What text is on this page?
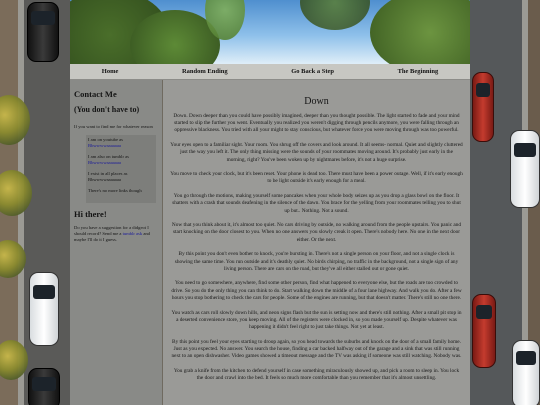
Home	Random Ending	Go Back a Step	The Beginning
Contact Me
(You don't have to)

If you want to find me for whatever reason

I am on youtube as
Bbwwwwaaaaaaa

I am also on tumblr as
Bbwwwwaaaaaaa

I exist in all places as
Bbwwwwaaaaaaa

There's no more links though

Hi there!

Do you have a suggestion for a didgeot I should record? Send me a tumblr ask and maybe I'll do it I guess.

Down

Down. Down deeper than you could have possibly imagined, deeper than you thought possible. The light started to fade and your mind started to slip the further you went. Eventually you realized you weren't digging through pencils anymore, you were falling through an oppressive blackness. You tried with all your might to stay conscious, but whatever force you were moving through was too powerful.

Your eyes open to a familiar sight. Your room. You shrug off the covers and look around. It all seems- normal. Quiet and slightly cluttered just the way you left it. The only thing missing were the sounds of your roommates moving around. It's probably just early in the morning, right? You've been woken up by nightmares before, it's not a huge surprise.

You move to check your clock, but it's been reset. Your phone is dead too. There must have been a power outage. Well, if it's early enough to be light outside it's early enough for a meal.

You go through the motions, making yourself some pancakes when your whole body seizes up as you drop a glass bowl on the floor. It shatters with a crash that sounds deafening in the silence of the dawn. You brace for the yelling from your roommates telling you to shut up but.. Nothing. Not a sound.

Now that you think about it, it's almost too quiet. No cars driving by outside, no walking around from the people upstairs. You panic and start knocking on the door closest to you. When no one answers you slowly creak it open. There's nobody here. No one in the next door either. Or the next.

By this point you don't even bother to knock, you're bursting in. There's not a single person on your floor, and not a single clock is showing the same time. You run outside and it's deathly quiet. No birds chirping, no traffic in the background, not a single sign of any living person. There are cars on the road, but they've all either stalled out or gone quiet.

You need to go somewhere, anywhere, find some other person, find what happened to everyone else, but the roads are too crowded to drive. So you do the only thing you can think to do. Start walking down the middle of a four lane highway. And walk you do. After a few hours you stop bothering to check the cars for people. Some of the engines are running, but that doesn't matter. There's still no one there.

You watch as cars roll slowly down hills, and neon signs flash but the sun is setting now and there's still nothing. After a small pit stop in a deserted convenience store, you keep moving. All of the registers were clocked in, so you made yourself up. Despite whatever was happening it didn't feel right to just take things. Not yet at least.

By this point you feel your eyes starting to droop again, so you head towards the suburbs and knock on the door of a small family home. Just as you expected. No answer. You search the house, finding a car backed halfway out of the garage and a sink that was still running next to an open dishwasher. Video games showed a timeout message and the TV was asking if someone was still watching. Nobody was.

You grab a knife from the kitchen to defend yourself in case something miraculously showed up, and pick a room to sleep in. You lock the door and crawl into the bed. It feels so much more comfortable than you remember that it's almost unsettling.
